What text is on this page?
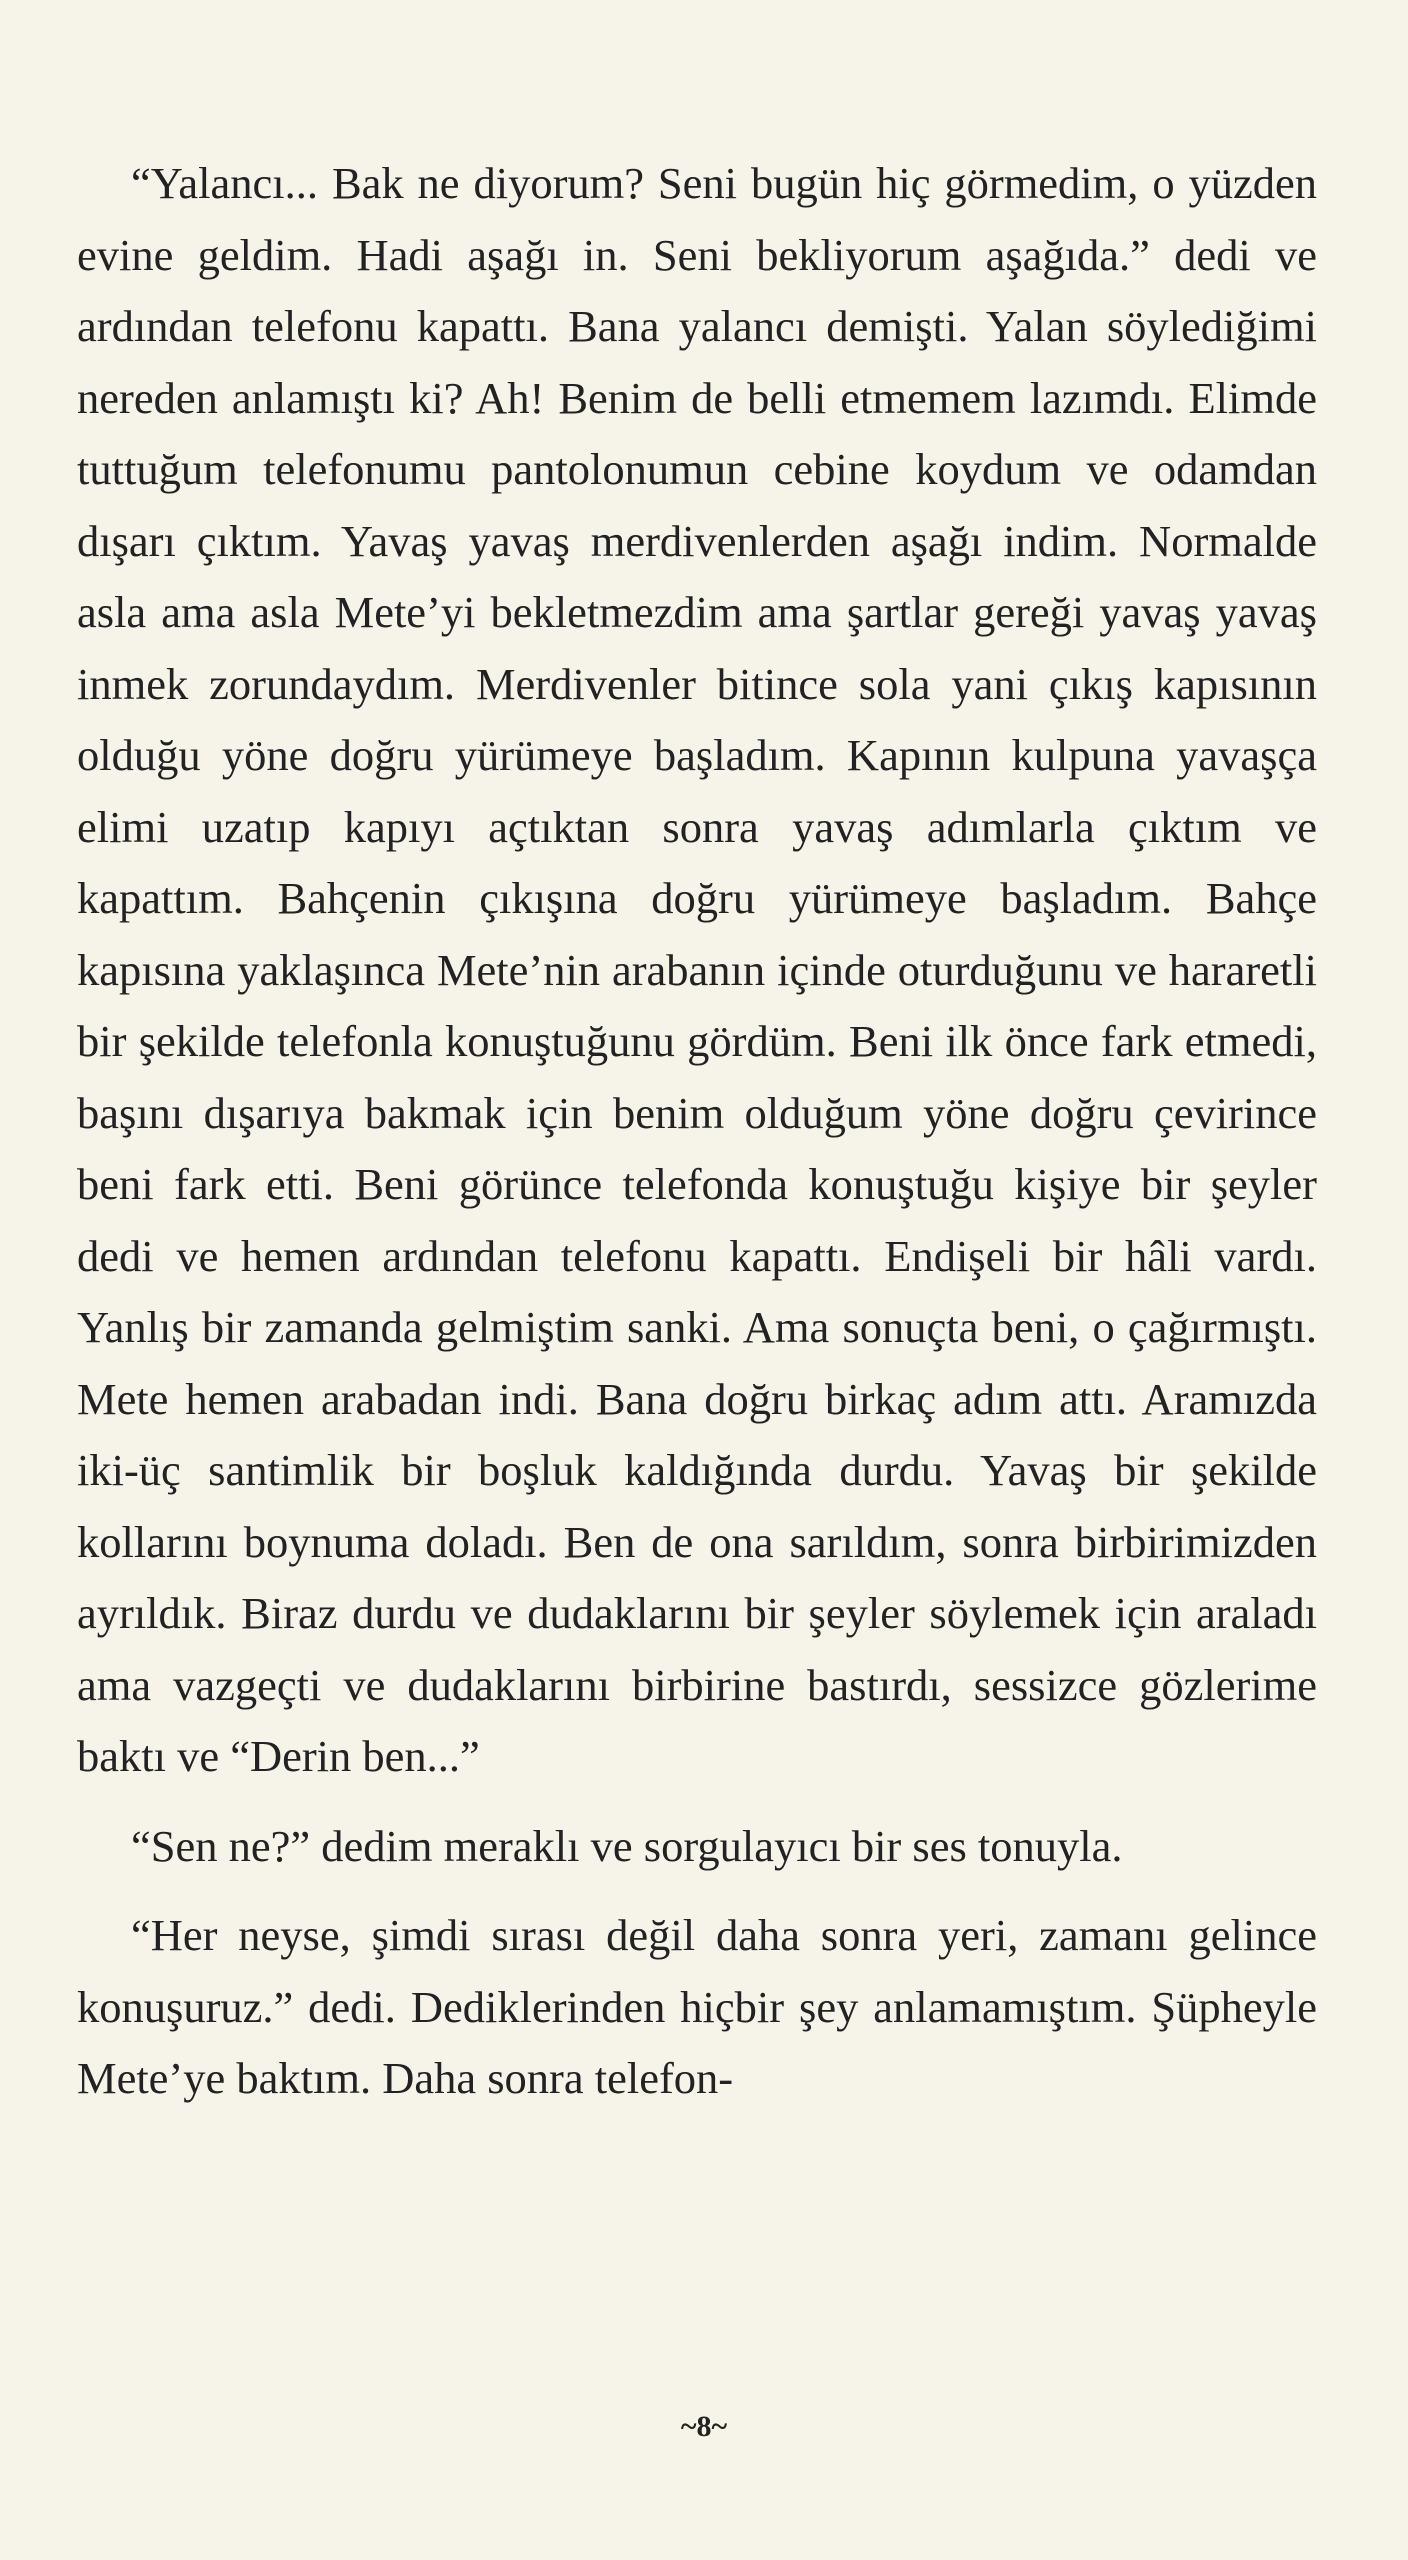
“Yalancı... Bak ne diyorum? Seni bugün hiç görmedim, o yüzden evine geldim. Hadi aşağı in. Seni bekliyorum aşağıda.” dedi ve ardından telefonu kapattı. Bana yalancı demişti. Yalan söylediğimi nereden anlamıştı ki? Ah! Benim de belli etmemem lazımdı. Elimde tuttuğum telefonumu pantolonumun cebine koydum ve odamdan dışarı çıktım. Yavaş yavaş merdivenlerden aşağı indim. Normalde asla ama asla Mete’yi bekletmezdim ama şartlar gereği yavaş yavaş inmek zorundaydım. Merdivenler bitince sola yani çıkış kapısının olduğu yöne doğru yürümeye başladım. Kapının kulpuna yavaşça elimi uzatıp kapıyı açtıktan sonra yavaş adımlarla çıktım ve kapattım. Bahçenin çıkışına doğru yürümeye başladım. Bahçe kapısına yaklaşınca Mete’nin arabanın içinde oturduğunu ve hararetli bir şekilde telefonla konuştuğunu gördüm. Beni ilk önce fark etmedi, başını dışarıya bakmak için benim olduğum yöne doğru çevirince beni fark etti. Beni görünce telefonda konuştuğu kişiye bir şeyler dedi ve hemen ardından telefonu kapattı. Endişeli bir hâli vardı. Yanlış bir zamanda gelmiştim sanki. Ama sonuçta beni, o çağırmıştı. Mete hemen arabadan indi. Bana doğru birkaç adım attı. Aramızda iki-üç santimlik bir boşluk kaldığında durdu. Yavaş bir şekilde kollarını boynuma doladı. Ben de ona sarıldım, sonra birbirimizden ayrıldık. Biraz durdu ve dudaklarını bir şeyler söylemek için araladı ama vazgeçti ve dudaklarını birbirine bastırdı, sessizce gözlerime baktı ve “Derin ben...”

“Sen ne?” dedim meraklı ve sorgulayıcı bir ses tonuyla.

“Her neyse, şimdi sırası değil daha sonra yeri, zamanı gelince konuşuruz.” dedi. Dediklerinden hiçbir şey anlamamıştım. Şüpheyle Mete’ye baktım. Daha sonra telefon-

~8~
